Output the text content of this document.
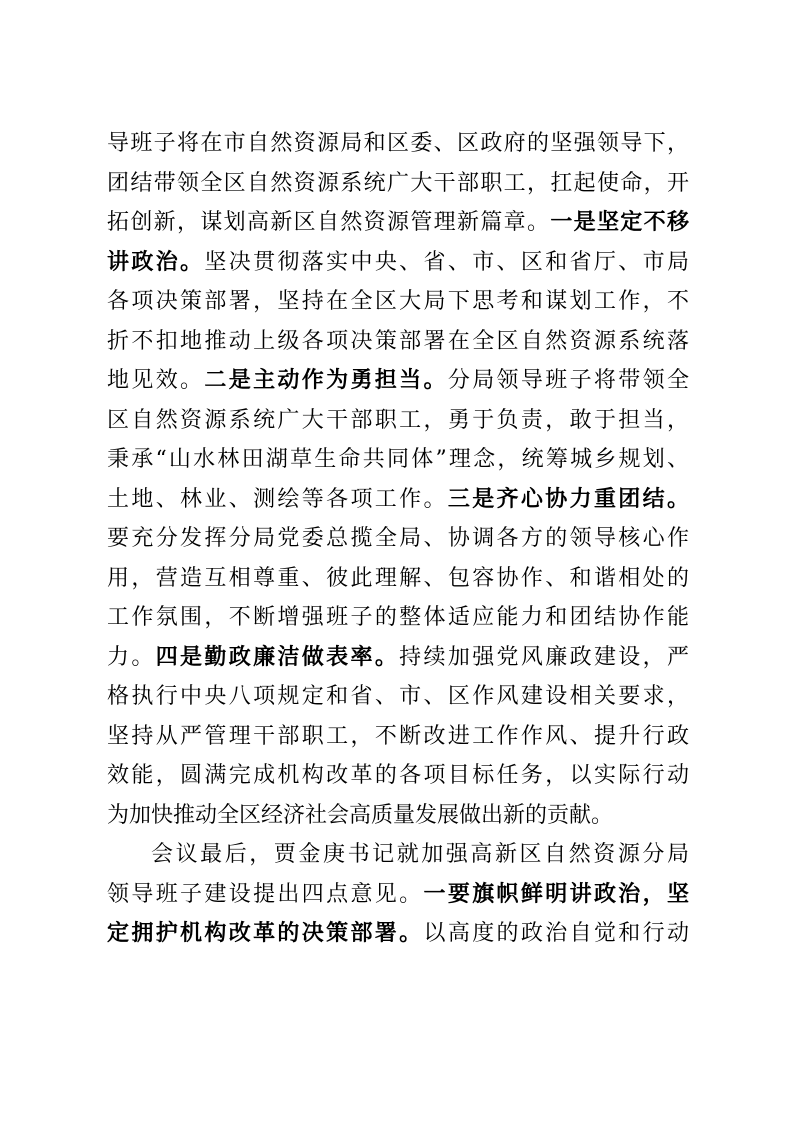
导班子将在市自然资源局和区委、区政府的坚强领导下，
团结带领全区自然资源系统广大干部职工，扛起使命，开
拓创新，谋划高新区自然资源管理新篇章。一是坚定不移
讲政治。坚决贯彻落实中央、省、市、区和省厅、市局
各项决策部署，坚持在全区大局下思考和谋划工作，不
折不扣地推动上级各项决策部署在全区自然资源系统落
地见效。二是主动作为勇担当。分局领导班子将带领全
区自然资源系统广大干部职工，勇于负责，敢于担当，
秉承“山水林田湖草生命共同体”理念，统筹城乡规划、
土地、林业、测绘等各项工作。三是齐心协力重团结。
要充分发挥分局党委总揽全局、协调各方的领导核心作
用，营造互相尊重、彼此理解、包容协作、和谐相处的
工作氛围，不断增强班子的整体适应能力和团结协作能
力。四是勤政廉洁做表率。持续加强党风廉政建设，严
格执行中央八项规定和省、市、区作风建设相关要求，
坚持从严管理干部职工，不断改进工作作风、提升行政
效能，圆满完成机构改革的各项目标任务，以实际行动
为加快推动全区经济社会高质量发展做出新的贡献。
会议最后，贾金庚书记就加强高新区自然资源分局
领导班子建设提出四点意见。一要旗帜鲜明讲政治，坚
定拥护机构改革的决策部署。以高度的政治自觉和行动
